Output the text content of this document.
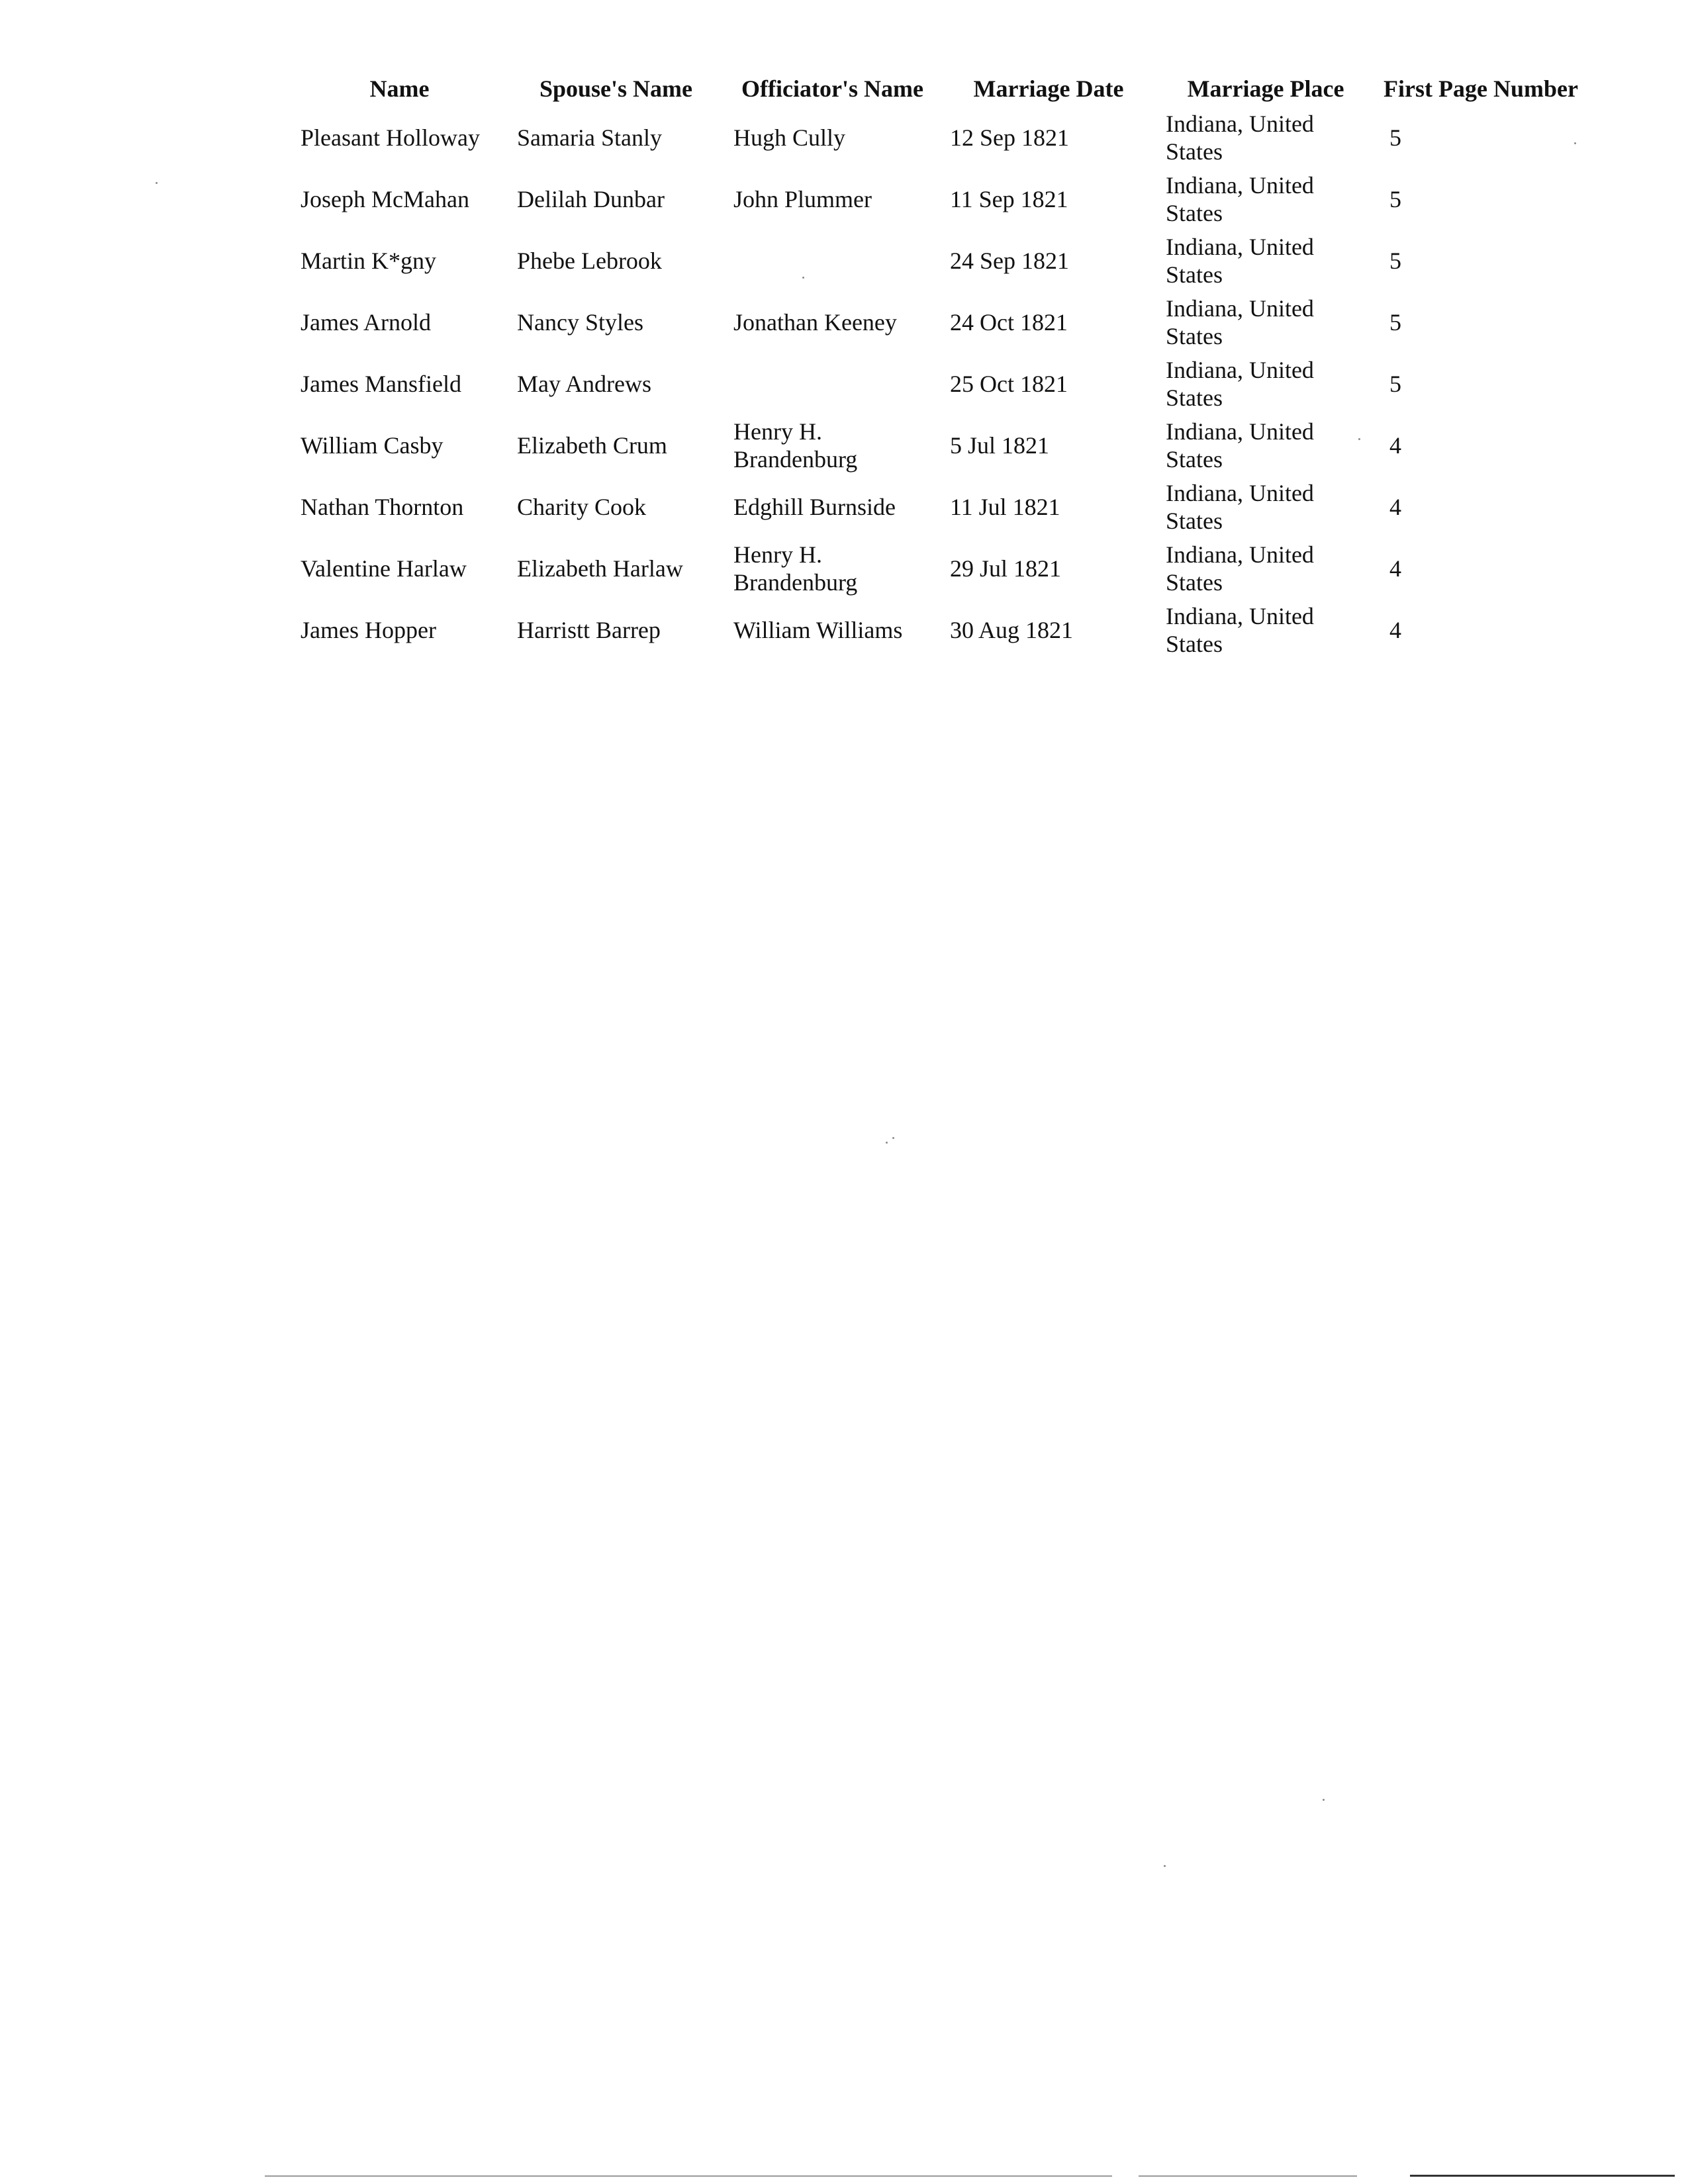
Name	Spouse's Name	Officiator's Name	Marriage Date	Marriage Place	First Page Number
Pleasant Holloway	Samaria Stanly	Hugh Cully	12 Sep 1821	Indiana, United States	5
Joseph McMahan	Delilah Dunbar	John Plummer	11 Sep 1821	Indiana, United States	5
Martin K*gny	Phebe Lebrook		24 Sep 1821	Indiana, United States	5
James Arnold	Nancy Styles	Jonathan Keeney	24 Oct 1821	Indiana, United States	5
James Mansfield	May Andrews		25 Oct 1821	Indiana, United States	5
William Casby	Elizabeth Crum	Henry H. Brandenburg	5 Jul 1821	Indiana, United States	4
Nathan Thornton	Charity Cook	Edghill Burnside	11 Jul 1821	Indiana, United States	4
Valentine Harlaw	Elizabeth Harlaw	Henry H. Brandenburg	29 Jul 1821	Indiana, United States	4
James Hopper	Harristt Barrep	William Williams	30 Aug 1821	Indiana, United States	4
